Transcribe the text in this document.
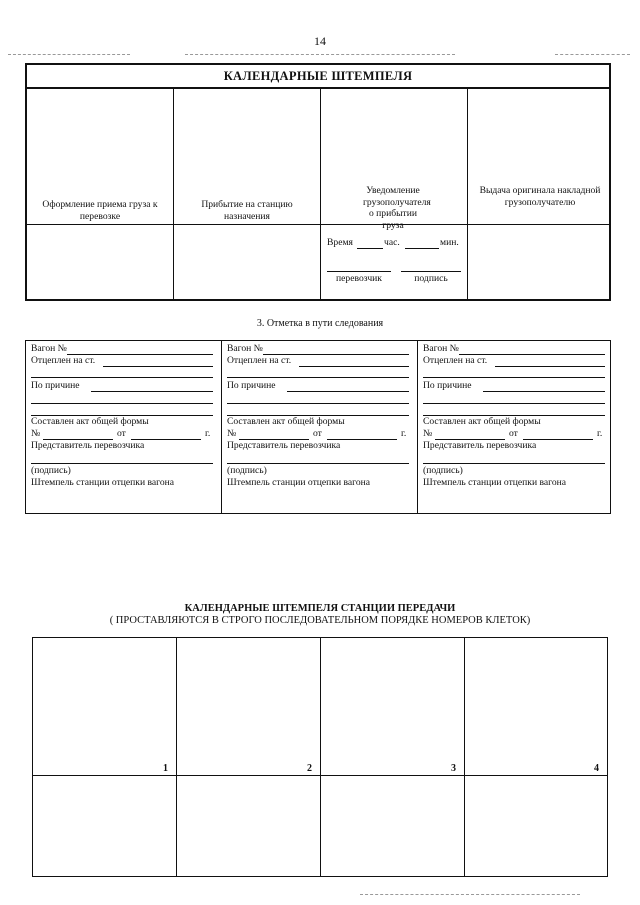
14
КАЛЕНДАРНЫЕ ШТЕМПЕЛЯ
Оформление приема груза к перевозке
Прибытие на станцию назначения
Уведомление грузополучателя о прибытии груза
Выдача оригинала накладной грузополучателю
Время	час.	мин.
перевозчик	подпись
3. Отметка в пути следования
Вагон №
Отцеплен на ст.
По причине
Составлен акт общей формы
№	от	г.
Представитель перевозчика
(подпись)
Штемпель станции отцепки вагона
Вагон №
Отцеплен на ст.
По причине
Составлен акт общей формы
№	от	г.
Представитель перевозчика
(подпись)
Штемпель станции отцепки вагона
Вагон №
Отцеплен на ст.
По причине
Составлен акт общей формы
№	от	г.
Представитель перевозчика
(подпись)
Штемпель станции отцепки вагона
КАЛЕНДАРНЫЕ ШТЕМПЕЛЯ СТАНЦИИ ПЕРЕДАЧИ
( ПРОСТАВЛЯЮТСЯ В СТРОГО ПОСЛЕДОВАТЕЛЬНОМ ПОРЯДКЕ НОМЕРОВ КЛЕТОК)
1	2	3	4
